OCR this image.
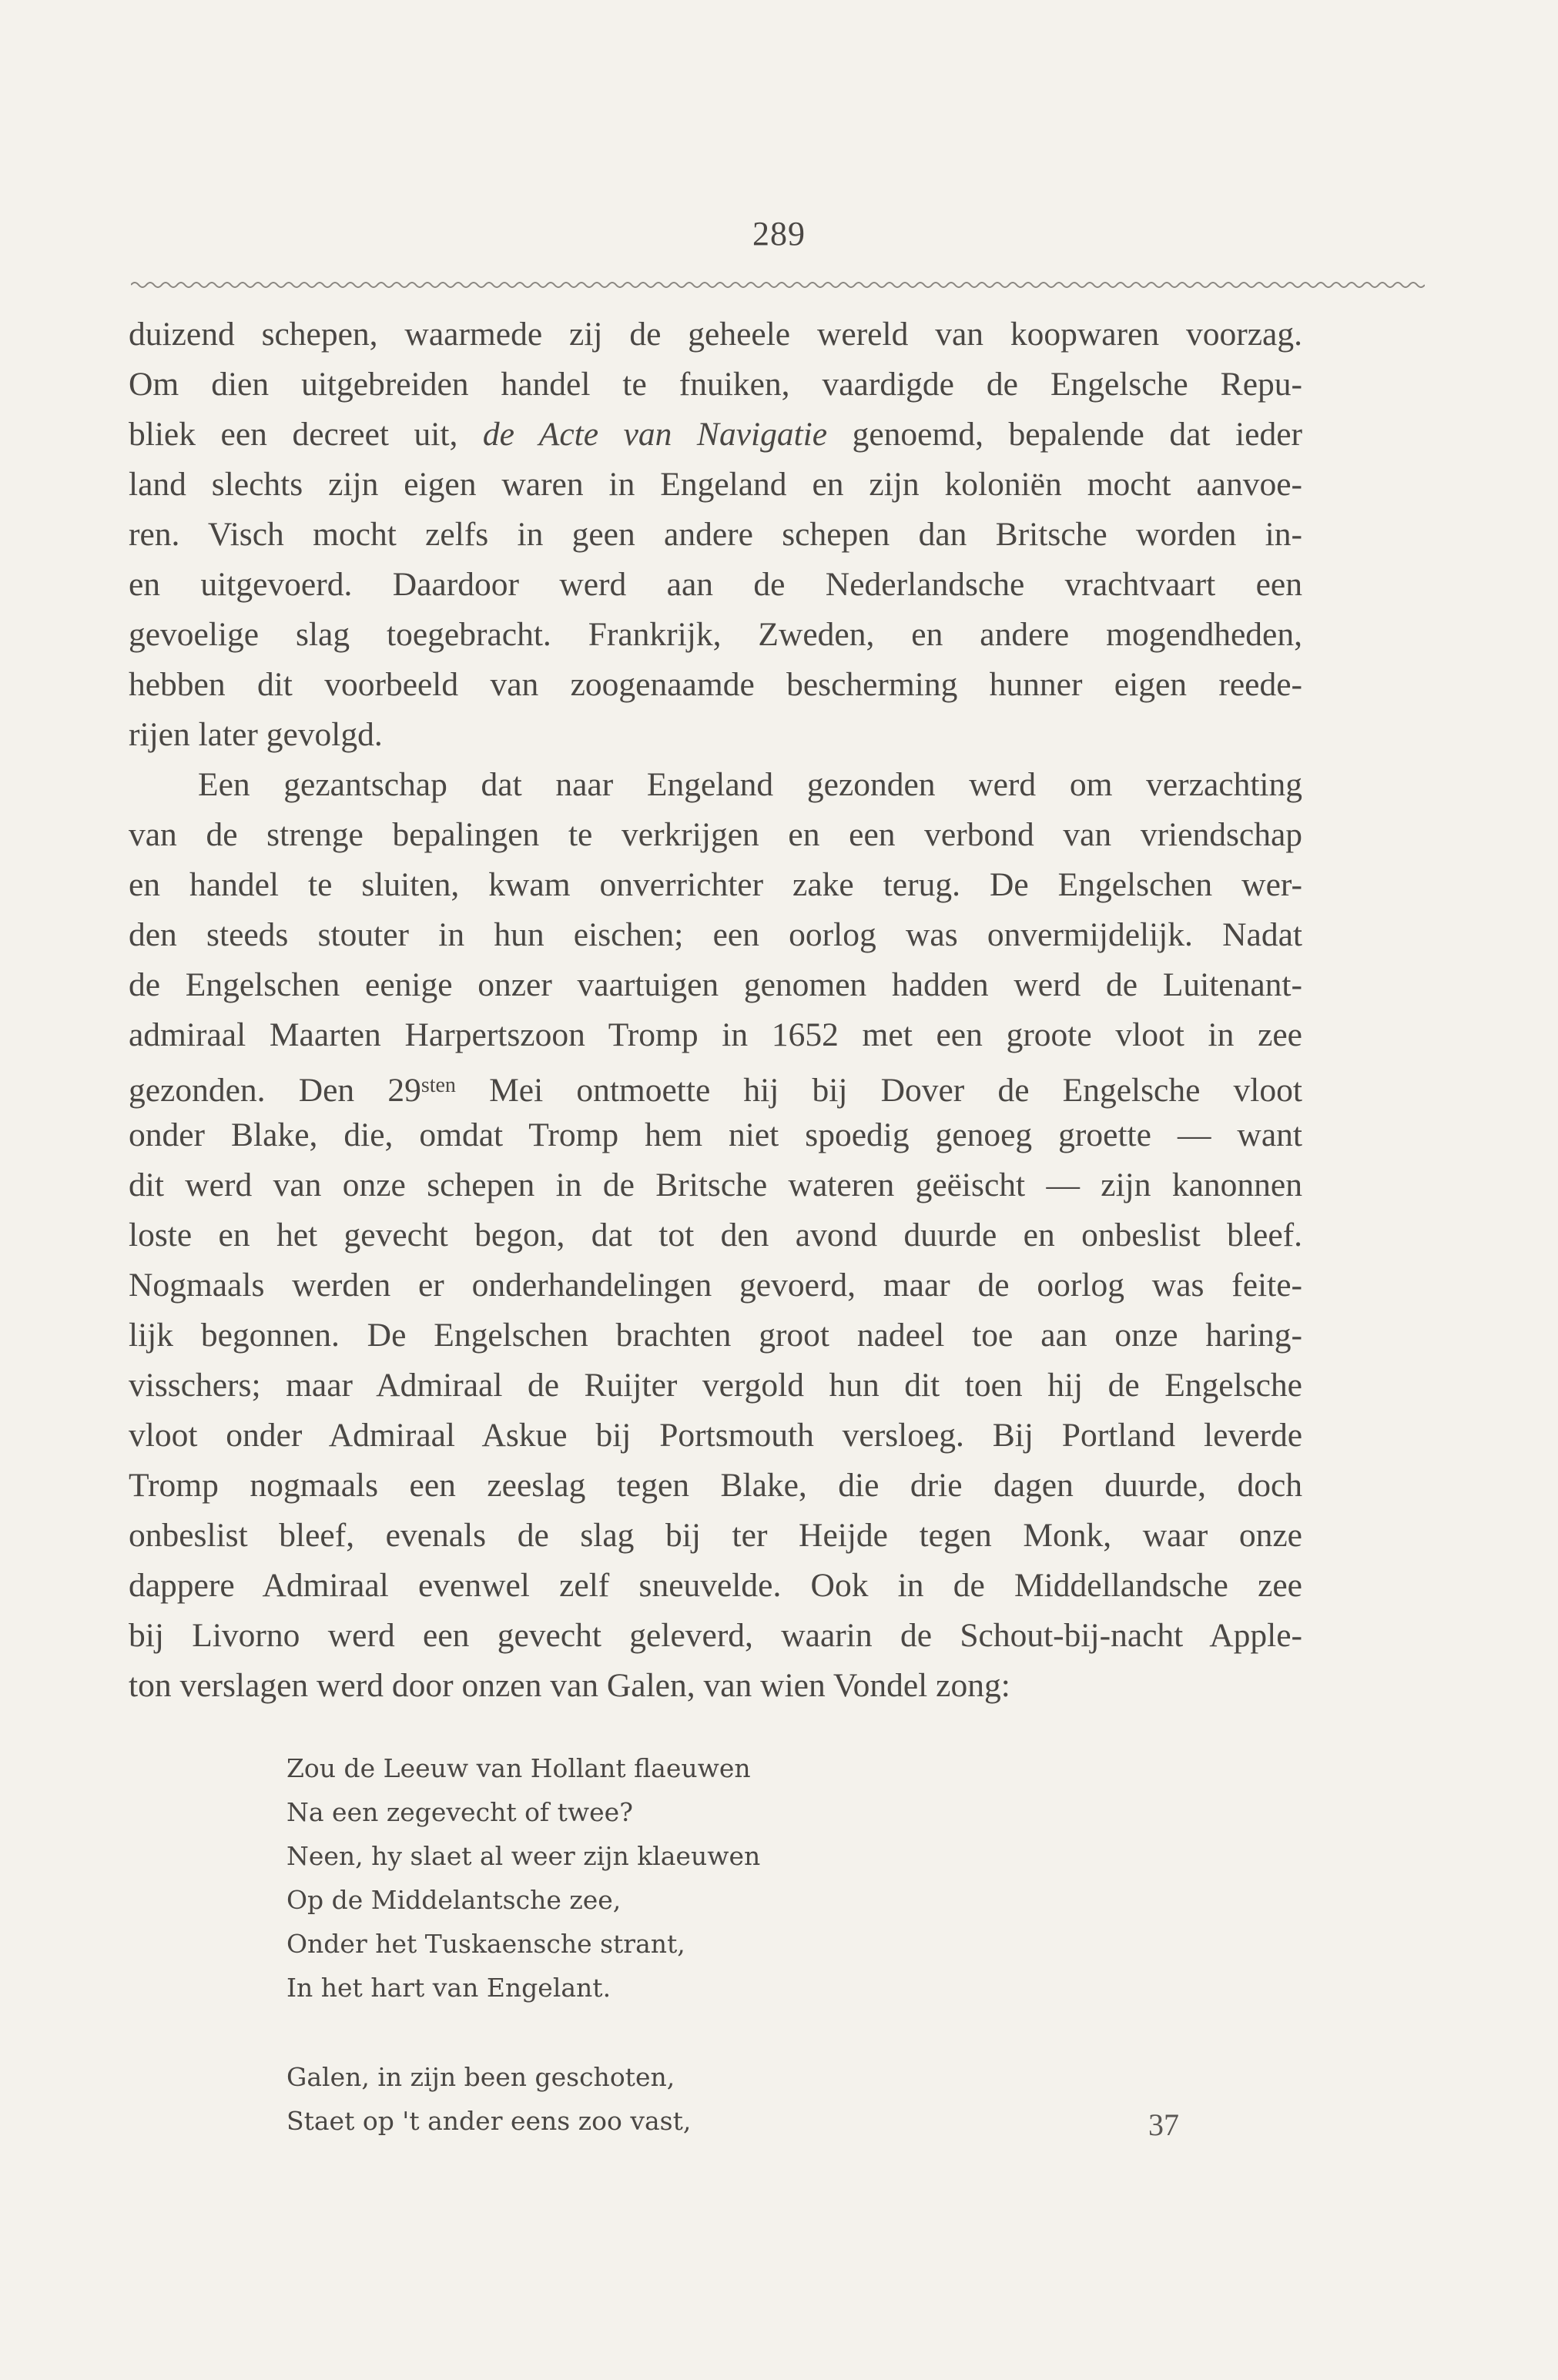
289
duizend schepen, waarmede zij de geheele wereld van koopwaren voorzag.
Om dien uitgebreiden handel te fnuiken, vaardigde de Engelsche Repu-
bliek een decreet uit, de Acte van Navigatie genoemd, bepalende dat ieder
land slechts zijn eigen waren in Engeland en zijn koloniën mocht aanvoe-
ren. Visch mocht zelfs in geen andere schepen dan Britsche worden in-
en uitgevoerd. Daardoor werd aan de Nederlandsche vrachtvaart een
gevoelige slag toegebracht. Frankrijk, Zweden, en andere mogendheden,
hebben dit voorbeeld van zoogenaamde bescherming hunner eigen reede-
rijen later gevolgd.
Een gezantschap dat naar Engeland gezonden werd om verzachting
van de strenge bepalingen te verkrijgen en een verbond van vriendschap
en handel te sluiten, kwam onverrichter zake terug. De Engelschen wer-
den steeds stouter in hun eischen; een oorlog was onvermijdelijk. Nadat
de Engelschen eenige onzer vaartuigen genomen hadden werd de Luitenant-
admiraal Maarten Harpertszoon Tromp in 1652 met een groote vloot in zee
gezonden. Den $29^{sten}$ Mei ontmoette hij bij Dover de Engelsche vloot
onder Blake, die, omdat Tromp hem niet spoedig genoeg groette — want
dit werd van onze schepen in de Britsche wateren geëischt — zijn kanonnen
loste en het gevecht begon, dat tot den avond duurde en onbeslist bleef.
Nogmaals werden er onderhandelingen gevoerd, maar de oorlog was feite-
lijk begonnen. De Engelschen brachten groot nadeel toe aan onze haring-
visschers; maar Admiraal de Ruijter vergold hun dit toen hij de Engelsche
vloot onder Admiraal Askue bij Portsmouth versloeg. Bij Portland leverde
Tromp nogmaals een zeeslag tegen Blake, die drie dagen duurde, doch
onbeslist bleef, evenals de slag bij ter Heijde tegen Monk, waar onze
dappere Admiraal evenwel zelf sneuvelde. Ook in de Middellandsche zee
bij Livorno werd een gevecht geleverd, waarin de Schout-bij-nacht Apple-
ton verslagen werd door onzen van Galen, van wien Vondel zong:
Zou de Leeuw van Hollant flaeuwen
Na een zegevecht of twee?
Neen, hy slaet al weer zijn klaeuwen
Op de Middelantsche zee,
Onder het Tuskaensche strant,
In het hart van Engelant.
Galen, in zijn been geschoten,
Staet op 't ander eens zoo vast,	37
